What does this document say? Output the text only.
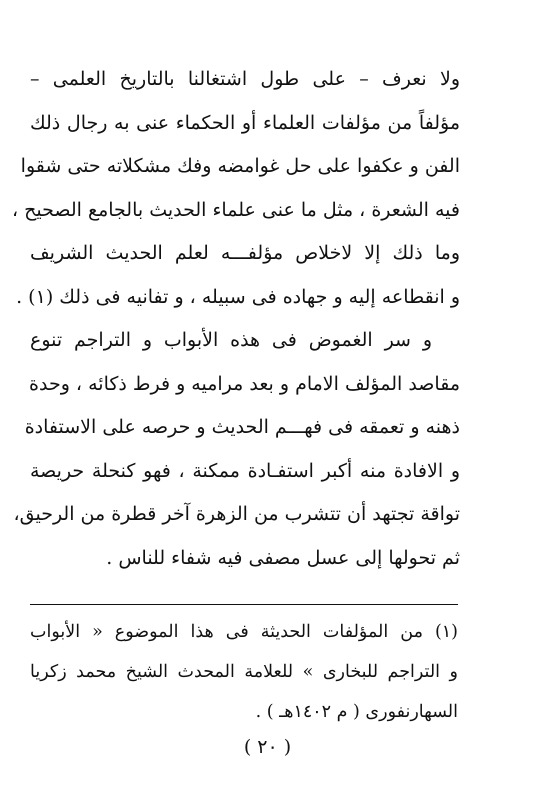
ولا نعرف – على طول اشتغالنا بالتاريخ العلمى –
مؤلفاً من مؤلفات العلماء أو الحكماء عنى به رجال ذلك
الفن و عكفوا على حل غوامضه وفك مشكلاته حتى شقوا
فيه الشعرة ، مثل ما عنى علماء الحديث بالجامع الصحيح ،
وما ذلك إلا لاخلاص مؤلفـــه لعلم الحديث الشريف
و انقطاعه إليه و جهاده فى سبيله ، و تفانيه فى ذلك (١) .
و سر الغموض فى هذه الأبواب و التراجم تنوع
مقاصد المؤلف الامام و بعد مراميه و فرط ذكائه ، وحدة
ذهنه و تعمقه فى فهـــم الحديث و حرصه على الاستفادة
و الافادة منه أكبر استفـادة ممكنة ، فهو كنحلة حريصة
تواقة تجتهد أن تتشرب من الزهرة آخر قطرة من الرحيق،
ثم تحولها إلى عسل مصفى فيه شفاء للناس .
(١) من المؤلفات الحديثة فى هذا الموضوع « الأبواب
و التراجم للبخارى » للعلامة المحدث الشيخ محمد زكريا
السهارنفورى ( م ١٤٠٢هـ ) .
( ٢٠ )
